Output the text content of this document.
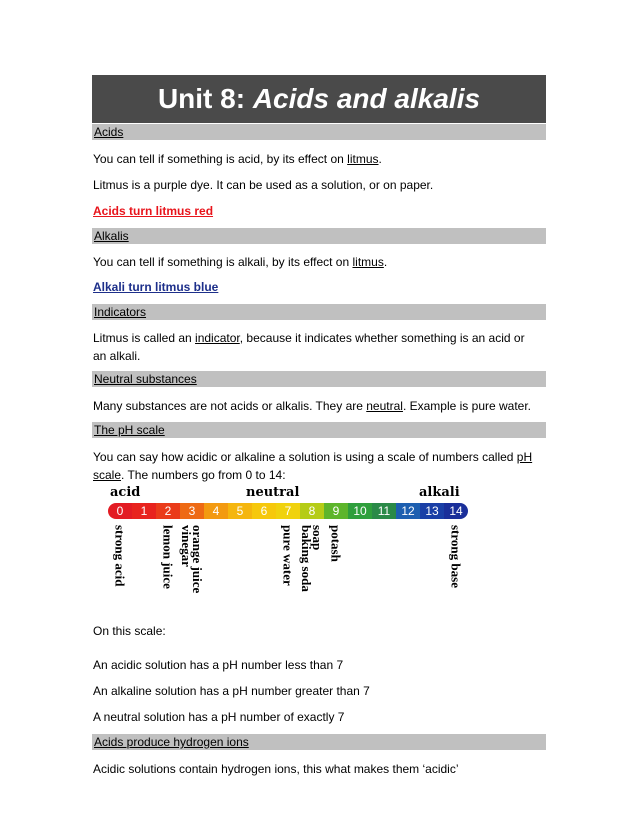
Unit 8: Acids and alkalis
Acids
You can tell if something is acid, by its effect on litmus.
Litmus is a purple dye. It can be used as a solution, or on paper.
Acids turn litmus red
Alkalis
You can tell if something is alkali, by its effect on litmus.
Alkali turn litmus blue
Indicators
Litmus is called an indicator, because it indicates whether something is an acid or an alkali.
Neutral substances
Many substances are not acids or alkalis. They are neutral. Example is pure water.
The pH scale
You can say how acidic or alkaline a solution is using a scale of numbers called pH scale. The numbers go from 0 to 14:
acid	neutral	alkali
0	1	2	3	4	5	6	7	8	9	10 11 12 13 14
strong acid	lemon juice vinegar
orange juice	pure water baking soda
soap potash	strong base
On this scale:
An acidic solution has a pH number less than 7
An alkaline solution has a pH number greater than 7
A neutral solution has a pH number of exactly 7
Acids produce hydrogen ions
Acidic solutions contain hydrogen ions, this what makes them ‘acidic’
